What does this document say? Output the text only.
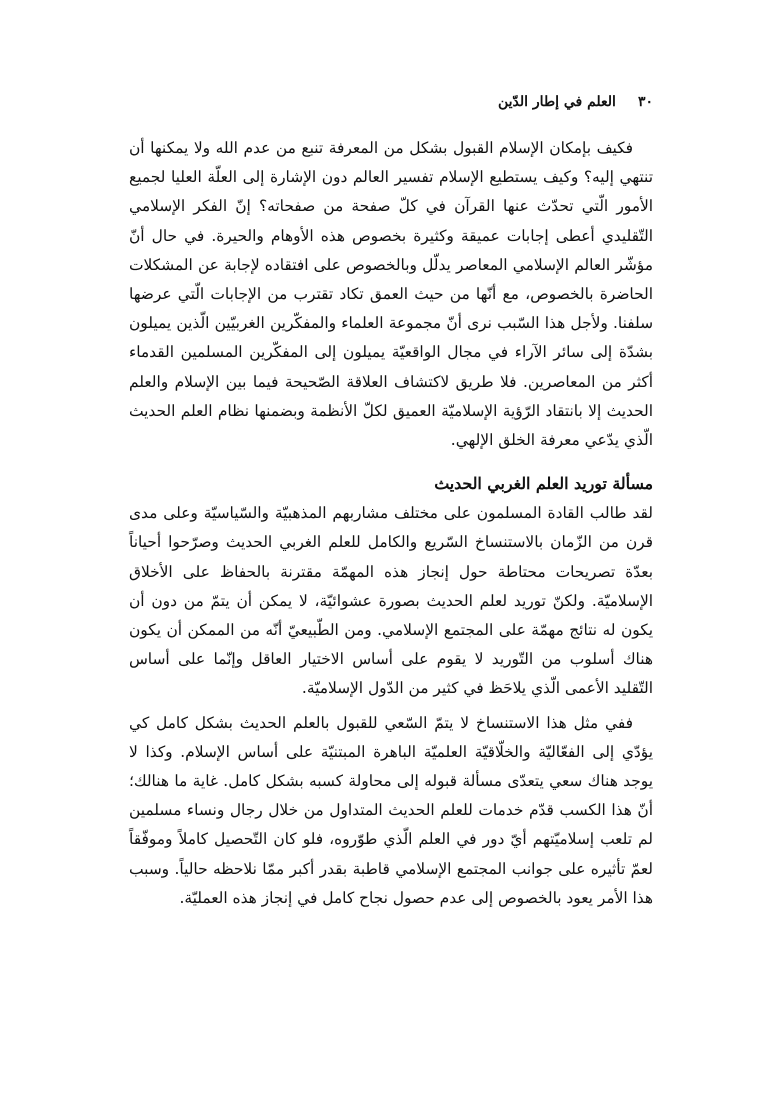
٣٠
العلم في إطار الدّين

فكيف بإمكان الإسلام القبول بشكل من المعرفة تنبع من عدم الله ولا يمكنها أن تنتهي إليه؟ وكيف يستطيع الإسلام تفسير العالم دون الإشارة إلى العلّة العليا لجميع الأمور الّتي تحدّث عنها القرآن في كلّ صفحة من صفحاته؟ إنّ الفكر الإسلامي التّقليدي أعطى إجابات عميقة وكثيرة بخصوص هذه الأوهام والحيرة. في حال أنّ مؤشّر العالم الإسلامي المعاصر يدلّل وبالخصوص على افتقاده لإجابة عن المشكلات الحاضرة بالخصوص، مع أنّها من حيث العمق تكاد تقترب من الإجابات الّتي عرضها سلفنا. ولأجل هذا السّبب نرى أنّ مجموعة العلماء والمفكّرين الغربيّين الّذين يميلون بشدّة إلى سائر الآراء في مجال الواقعيّة يميلون إلى المفكّرين المسلمين القدماء أكثر من المعاصرين. فلا طريق لاكتشاف العلاقة الصّحيحة فيما بين الإسلام والعلم الحديث إلا بانتقاد الرّؤية الإسلاميّة العميق لكلّ الأنظمة وبضمنها نظام العلم الحديث الّذي يدّعي معرفة الخلق الإلهي.

مسألة توريد العلم الغربي الحديث

لقد طالب القادة المسلمون على مختلف مشاربهم المذهبيّة والسّياسيّة وعلى مدى قرن من الزّمان بالاستنساخ السّريع والكامل للعلم الغربي الحديث وصرّحوا أحياناً بعدّة تصريحات محتاطة حول إنجاز هذه المهمّة مقترنة بالحفاظ على الأخلاق الإسلاميّة. ولكنّ توريد لعلم الحديث بصورة عشوائيّة، لا يمكن أن يتمّ من دون أن يكون له نتائج مهمّة على المجتمع الإسلامي. ومن الطّبيعيّ أنّه من الممكن أن يكون هناك أسلوب من التّوريد لا يقوم على أساس الاختيار العاقل وإنّما على أساس التّقليد الأعمى الّذي يلاحَظ في كثير من الدّول الإسلاميّة.

ففي مثل هذا الاستنساخ لا يتمّ السّعي للقبول بالعلم الحديث بشكل كامل كي يؤدّي إلى الفعّاليّة والخلّاقيّة العلميّة الباهرة المبتنيّة على أساس الإسلام. وكذا لا يوجد هناك سعي يتعدّى مسألة قبوله إلى محاولة كسبه بشكل كامل. غاية ما هنالك؛ أنّ هذا الكسب قدّم خدمات للعلم الحديث المتداول من خلال رجال ونساء مسلمين لم تلعب إسلاميّتهم أيّ دور في العلم الّذي طوّروه، فلو كان التّحصيل كاملاً وموفّقاً لعمّ تأثيره على جوانب المجتمع الإسلامي قاطبة بقدر أكبر ممّا نلاحظه حالياً. وسبب هذا الأمر يعود بالخصوص إلى عدم حصول نجاح كامل في إنجاز هذه العمليّة.
